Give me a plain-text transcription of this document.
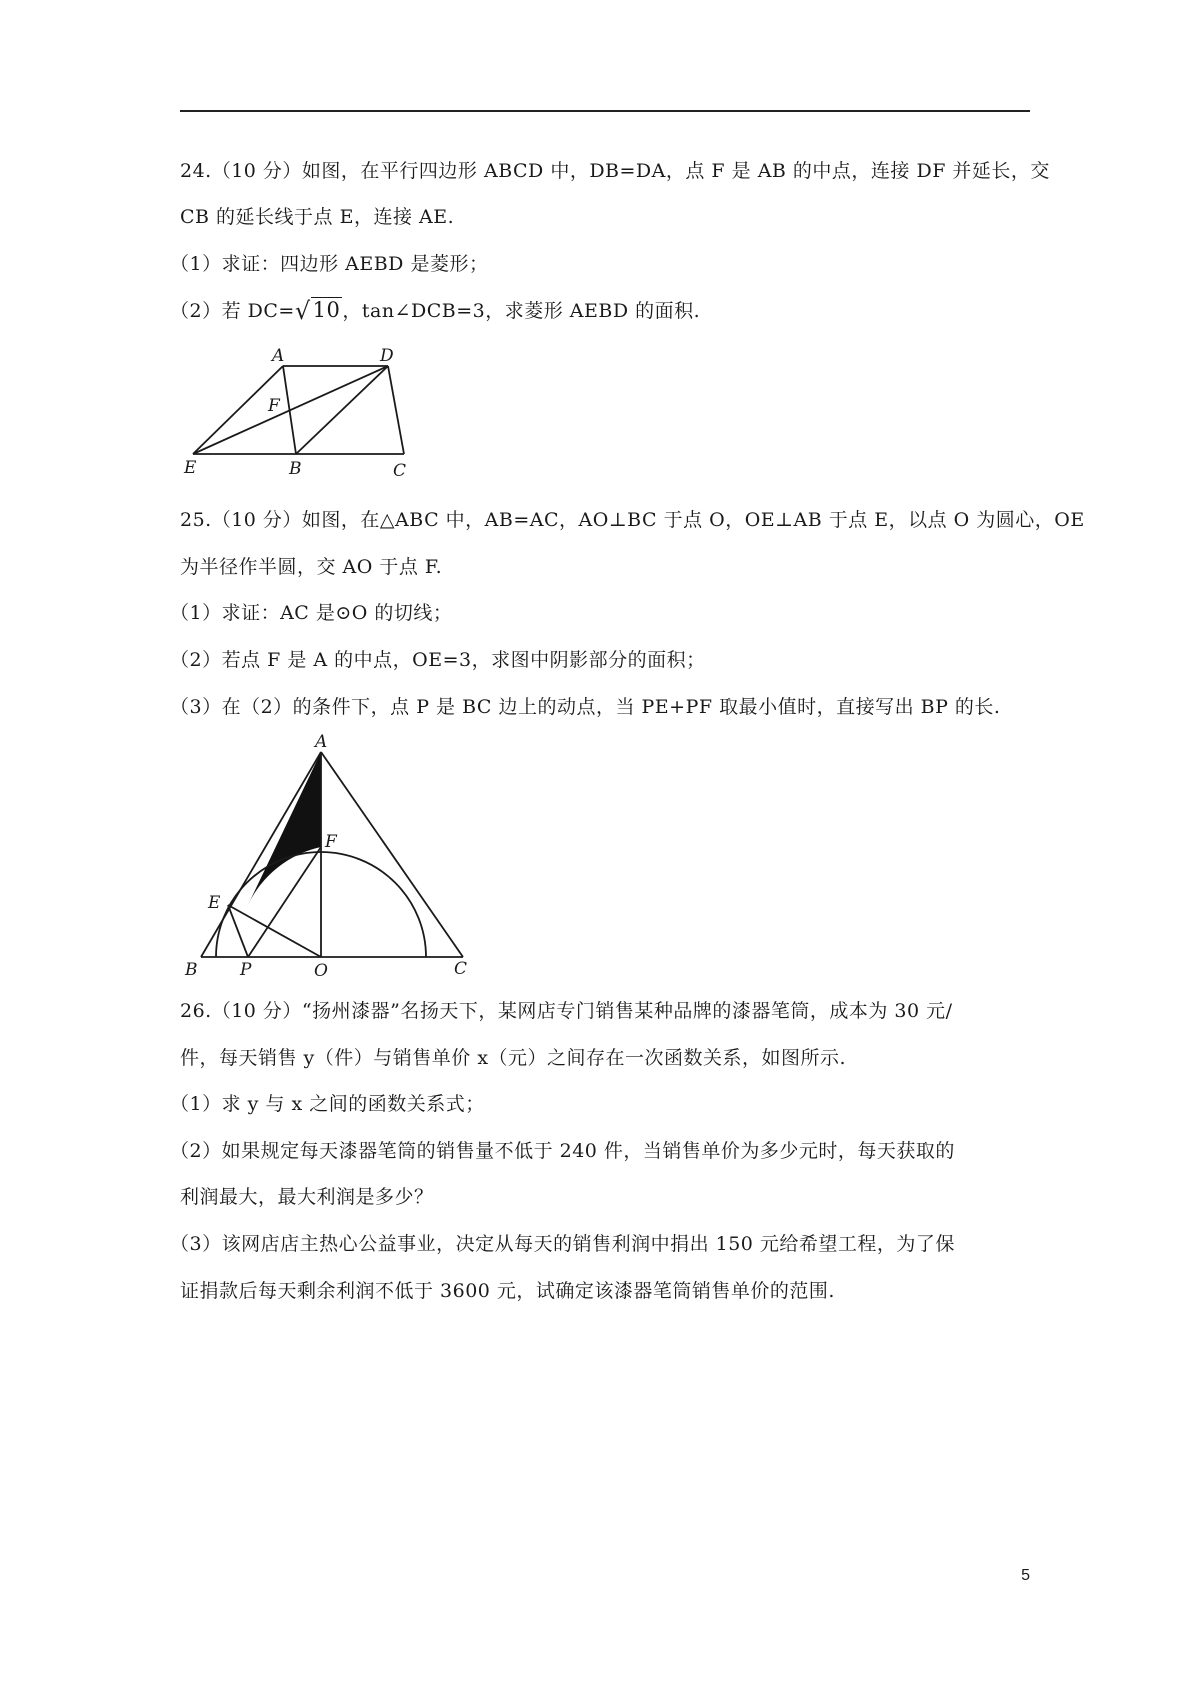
24.（10 分）如图，在平行四边形 ABCD 中，DB=DA，点 F 是 AB 的中点，连接 DF 并延长，交
CB 的延长线于点 E，连接 AE.
（1）求证：四边形 AEBD 是菱形；
（2）若 DC=√10 ，tan∠DCB=3，求菱形 AEBD 的面积.
A	D
F
E	B	C
25.（10 分）如图，在△ABC 中，AB=AC，AO⊥BC 于点 O，OE⊥AB 于点 E，以点 O 为圆心，OE
为半径作半圆，交 AO 于点 F.
（1）求证：AC 是⊙O 的切线；
（2）若点 F 是 A 的中点，OE=3，求图中阴影部分的面积；
（3）在（2）的条件下，点 P 是 BC 边上的动点，当 PE+PF 取最小值时，直接写出 BP 的长.
A
F
E
B	P	O	C
26.（10 分）“扬州漆器”名扬天下，某网店专门销售某种品牌的漆器笔筒，成本为 30 元/
件，每天销售 y（件）与销售单价 x（元）之间存在一次函数关系，如图所示.
（1）求 y 与 x 之间的函数关系式；
（2）如果规定每天漆器笔筒的销售量不低于 240 件，当销售单价为多少元时，每天获取的
利润最大，最大利润是多少？
（3）该网店店主热心公益事业，决定从每天的销售利润中捐出 150 元给希望工程，为了保
证捐款后每天剩余利润不低于 3600 元，试确定该漆器笔筒销售单价的范围.
5
